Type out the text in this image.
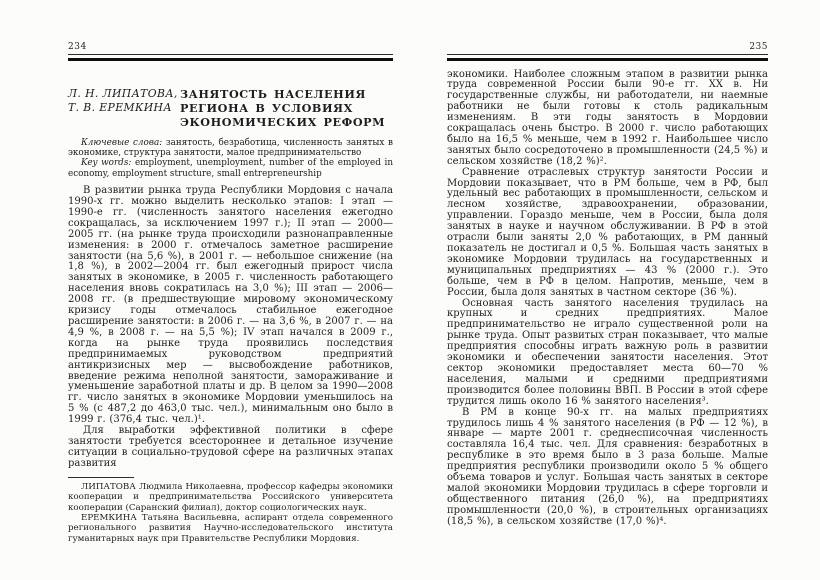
234
Л. Н. ЛИПАТОВА,
Т. В. ЕРЕМКИНА
ЗАНЯТОСТЬ НАСЕЛЕНИЯ
РЕГИОНА В УСЛОВИЯХ
ЭКОНОМИЧЕСКИХ РЕФОРМ

Ключевые слова: занятость, безработица, численность занятых в экономике, структура занятости, малое предпринимательство

Key words: employment, unemployment, number of the employed in economy, employment structure, small entrepreneurship

В развитии рынка труда Республики Мордовия с начала 1990-х гг. можно выделить несколько этапов: I этап — 1990-е гг. (численность занятого населения ежегодно сокращалась, за исключением 1997 г.); II этап — 2000—2005 гг. (на рынке труда происходили разнонаправленные изменения: в 2000 г. отмечалось заметное расширение занятости (на 5,6 %), в 2001 г. — небольшое снижение (на 1,8 %), в 2002—2004 гг. был ежегодный прирост числа занятых в экономике, в 2005 г. численность работающего населения вновь сократилась на 3,0 %); III этап — 2006—2008 гг. (в предшествующие мировому экономическому кризису годы отмечалось стабильное ежегодное расширение занятости: в 2006 г. — на 3,6 %, в 2007 г. — на 4,9 %, в 2008 г. — на 5,5 %); IV этап начался в 2009 г., когда на рынке труда проявились последствия предпринимаемых руководством предприятий антикризисных мер — высвобождение работников, введение режима неполной занятости, замораживание и уменьшение заработной платы и др. В целом за 1990—2008 гг. число занятых в экономике Мордовии уменьшилось на 5 % (с 487,2 до 463,0 тыс. чел.), минимальным оно было в 1999 г. (376,4 тыс. чел.)¹.

Для выработки эффективной политики в сфере занятости требуется всестороннее и детальное изучение ситуации в социально-трудовой сфере на различных этапах развития

ЛИПАТОВА Людмила Николаевна, профессор кафедры экономики кооперации и предпринимательства Российского университета кооперации (Саранский филиал), доктор социологических наук.

ЕРЕМКИНА Татьяна Васильевна, аспирант отдела современного регионального развития Научно-исследовательского института гуманитарных наук при Правительстве Республики Мордовия.

235

экономики. Наиболее сложным этапом в развитии рынка труда современной России были 90-е гг. XX в. Ни государственные службы, ни работодатели, ни наемные работники не были готовы к столь радикальным изменениям. В эти годы занятость в Мордовии сокращалась очень быстро. В 2000 г. число работающих было на 16,5 % меньше, чем в 1992 г. Наибольшее число занятых было сосредоточено в промышленности (24,5 %) и сельском хозяйстве (18,2 %)².

Сравнение отраслевых структур занятости России и Мордовии показывает, что в РМ больше, чем в РФ, был удельный вес работающих в промышленности, сельском и лесном хозяйстве, здравоохранении, образовании, управлении. Гораздо меньше, чем в России, была доля занятых в науке и научном обслуживании. В РФ в этой отрасли были заняты 2,0 % работающих, в РМ данный показатель не достигал и 0,5 %. Большая часть занятых в экономике Мордовии трудилась на государственных и муниципальных предприятиях — 43 % (2000 г.). Это больше, чем в РФ в целом. Напротив, меньше, чем в России, была доля занятых в частном секторе (36 %).

Основная часть занятого населения трудилась на крупных и средних предприятиях. Малое предпринимательство не играло существенной роли на рынке труда. Опыт развитых стран показывает, что малые предприятия способны играть важную роль в развитии экономики и обеспечении занятости населения. Этот сектор экономики предоставляет места 60—70 % населения, малыми и средними предприятиями производится более половины ВВП. В России в этой сфере трудится лишь около 16 % занятого населения³.

В РМ в конце 90-х гг. на малых предприятиях трудилось лишь 4 % занятого населения (в РФ — 12 %), в январе — марте 2001 г. среднесписочная численность составляла 16,4 тыс. чел. Для сравнения: безработных в республике в это время было в 3 раза больше. Малые предприятия республики производили около 5 % общего объема товаров и услуг. Большая часть занятых в секторе малой экономики Мордовии трудилась в сфере торговли и общественного питания (26,0 %), на предприятиях промышленности (20,0 %), в строительных организациях (18,5 %), в сельском хозяйстве (17,0 %)⁴.
